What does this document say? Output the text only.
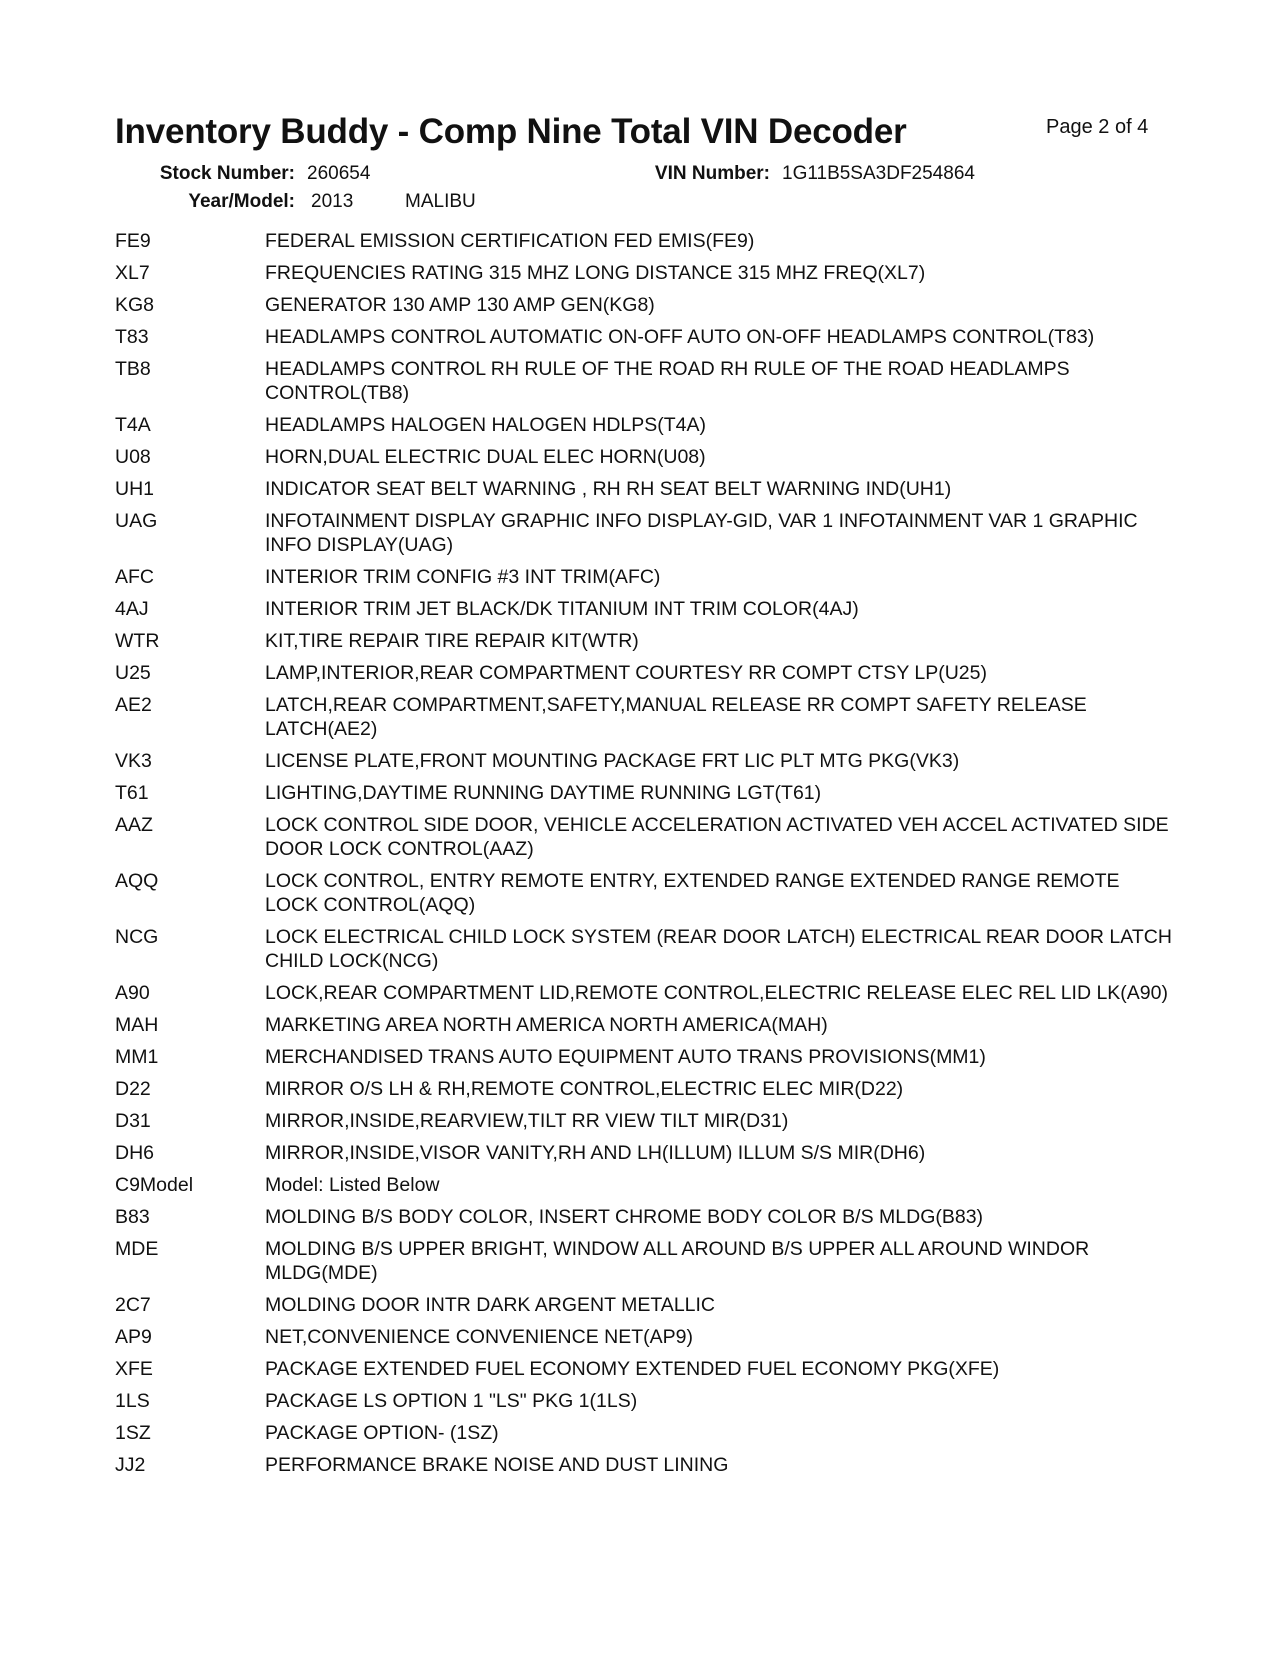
Inventory Buddy - Comp Nine Total VIN Decoder	Page 2 of 4
Stock Number: 260654	VIN Number: 1G11B5SA3DF254864
Year/Model: 2013	MALIBU
FE9	FEDERAL EMISSION CERTIFICATION FED EMIS(FE9)
XL7	FREQUENCIES RATING 315 MHZ LONG DISTANCE 315 MHZ FREQ(XL7)
KG8	GENERATOR 130 AMP 130 AMP GEN(KG8)
T83	HEADLAMPS CONTROL AUTOMATIC ON-OFF AUTO ON-OFF HEADLAMPS CONTROL(T83)
TB8	HEADLAMPS CONTROL RH RULE OF THE ROAD RH RULE OF THE ROAD HEADLAMPS CONTROL(TB8)
T4A	HEADLAMPS HALOGEN HALOGEN HDLPS(T4A)
U08	HORN,DUAL ELECTRIC DUAL ELEC HORN(U08)
UH1	INDICATOR SEAT BELT WARNING , RH RH SEAT BELT WARNING IND(UH1)
UAG	INFOTAINMENT DISPLAY GRAPHIC INFO DISPLAY-GID, VAR 1 INFOTAINMENT VAR 1 GRAPHIC INFO DISPLAY(UAG)
AFC	INTERIOR TRIM CONFIG #3 INT TRIM(AFC)
4AJ	INTERIOR TRIM JET BLACK/DK TITANIUM INT TRIM COLOR(4AJ)
WTR	KIT,TIRE REPAIR TIRE REPAIR KIT(WTR)
U25	LAMP,INTERIOR,REAR COMPARTMENT COURTESY RR COMPT CTSY LP(U25)
AE2	LATCH,REAR COMPARTMENT,SAFETY,MANUAL RELEASE RR COMPT SAFETY RELEASE LATCH(AE2)
VK3	LICENSE PLATE,FRONT MOUNTING PACKAGE FRT LIC PLT MTG PKG(VK3)
T61	LIGHTING,DAYTIME RUNNING DAYTIME RUNNING LGT(T61)
AAZ	LOCK CONTROL SIDE DOOR, VEHICLE ACCELERATION ACTIVATED VEH ACCEL ACTIVATED SIDE DOOR LOCK CONTROL(AAZ)
AQQ	LOCK CONTROL, ENTRY REMOTE ENTRY, EXTENDED RANGE EXTENDED RANGE REMOTE LOCK CONTROL(AQQ)
NCG	LOCK ELECTRICAL CHILD LOCK SYSTEM (REAR DOOR LATCH) ELECTRICAL REAR DOOR LATCH CHILD LOCK(NCG)
A90	LOCK,REAR COMPARTMENT LID,REMOTE CONTROL,ELECTRIC RELEASE ELEC REL LID LK(A90)
MAH	MARKETING AREA NORTH AMERICA NORTH AMERICA(MAH)
MM1	MERCHANDISED TRANS AUTO EQUIPMENT AUTO TRANS PROVISIONS(MM1)
D22	MIRROR O/S LH & RH,REMOTE CONTROL,ELECTRIC ELEC MIR(D22)
D31	MIRROR,INSIDE,REARVIEW,TILT RR VIEW TILT MIR(D31)
DH6	MIRROR,INSIDE,VISOR VANITY,RH AND LH(ILLUM) ILLUM S/S MIR(DH6)
C9Model	Model: Listed Below
B83	MOLDING B/S BODY COLOR, INSERT CHROME BODY COLOR B/S MLDG(B83)
MDE	MOLDING B/S UPPER BRIGHT, WINDOW ALL AROUND B/S UPPER ALL AROUND WINDOR MLDG(MDE)
2C7	MOLDING DOOR INTR DARK ARGENT METALLIC
AP9	NET,CONVENIENCE CONVENIENCE NET(AP9)
XFE	PACKAGE EXTENDED FUEL ECONOMY EXTENDED FUEL ECONOMY PKG(XFE)
1LS	PACKAGE LS OPTION 1 "LS" PKG 1(1LS)
1SZ	PACKAGE OPTION- (1SZ)
JJ2	PERFORMANCE BRAKE NOISE AND DUST LINING
